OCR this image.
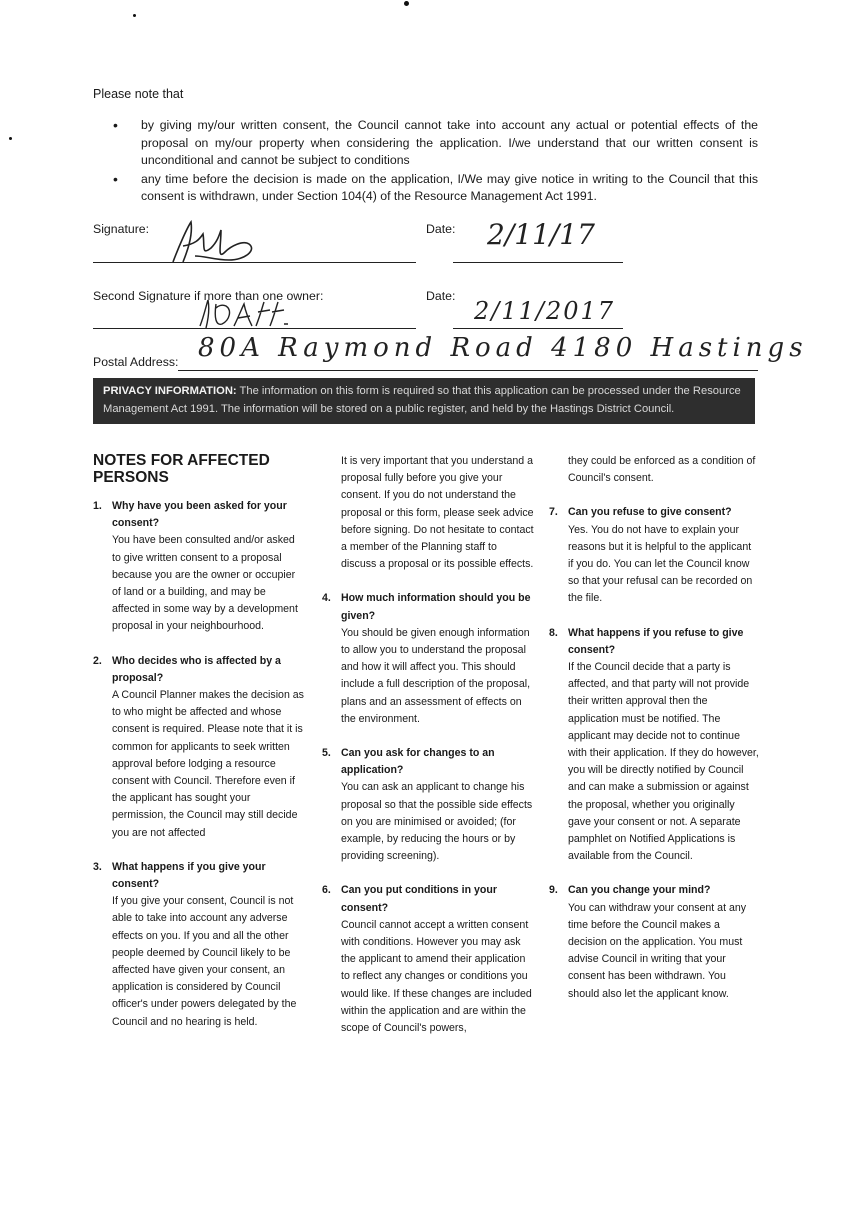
Please note that
• by giving my/our written consent, the Council cannot take into account any actual or potential effects of the proposal on my/our property when considering the application. I/we understand that our written consent is unconditional and cannot be subject to conditions
• any time before the decision is made on the application, I/We may give notice in writing to the Council that this consent is withdrawn, under Section 104(4) of the Resource Management Act 1991.
Signature:	Date: 2/11/17
Second Signature if more than one owner:	Date:
2/11/2017
Postal Address: 80A Raymond Road 4180 Hastings
PRIVACY INFORMATION: The information on this form is required so that this application can be processed under the Resource Management Act 1991. The information will be stored on a public register, and held by the Hastings District Council.
NOTES FOR AFFECTED PERSONS
1. Why have you been asked for your consent?

You have been consulted and/or asked to give written consent to a proposal because you are the owner or occupier of land or a building, and may be affected in some way by a development proposal in your neighbourhood.

2. Who decides who is affected by a proposal?

A Council Planner makes the decision as to who might be affected and whose consent is required. Please note that it is common for applicants to seek written approval before lodging a resource consent with Council. Therefore even if the applicant has sought your permission, the Council may still decide you are not affected

3. What happens if you give your consent?

If you give your consent, Council is not able to take into account any adverse effects on you. If you and all the other people deemed by Council likely to be affected have given your consent, an application is considered by Council officer's under powers delegated by the Council and no hearing is held.

It is very important that you understand a proposal fully before you give your consent. If you do not understand the proposal or this form, please seek advice before signing. Do not hesitate to contact a member of the Planning staff to discuss a proposal or its possible effects.

4. How much information should you be given?

You should be given enough information to allow you to understand the proposal and how it will affect you. This should include a full description of the proposal, plans and an assessment of effects on the environment.

5. Can you ask for changes to an application?

You can ask an applicant to change his proposal so that the possible side effects on you are minimised or avoided; (for example, by reducing the hours or by providing screening).

6. Can you put conditions in your consent?

Council cannot accept a written consent with conditions. However you may ask the applicant to amend their application to reflect any changes or conditions you would like. If these changes are included within the application and are within the scope of Council's powers,

they could be enforced as a condition of Council's consent.

7. Can you refuse to give consent?

Yes. You do not have to explain your reasons but it is helpful to the applicant if you do. You can let the Council know so that your refusal can be recorded on the file.

8. What happens if you refuse to give consent?

If the Council decide that a party is affected, and that party will not provide their written approval then the application must be notified. The applicant may decide not to continue with their application. If they do however, you will be directly notified by Council and can make a submission or against the proposal, whether you originally gave your consent or not. A separate pamphlet on Notified Applications is available from the Council.

9. Can you change your mind?

You can withdraw your consent at any time before the Council makes a decision on the application. You must advise Council in writing that your consent has been withdrawn. You should also let the applicant know.
